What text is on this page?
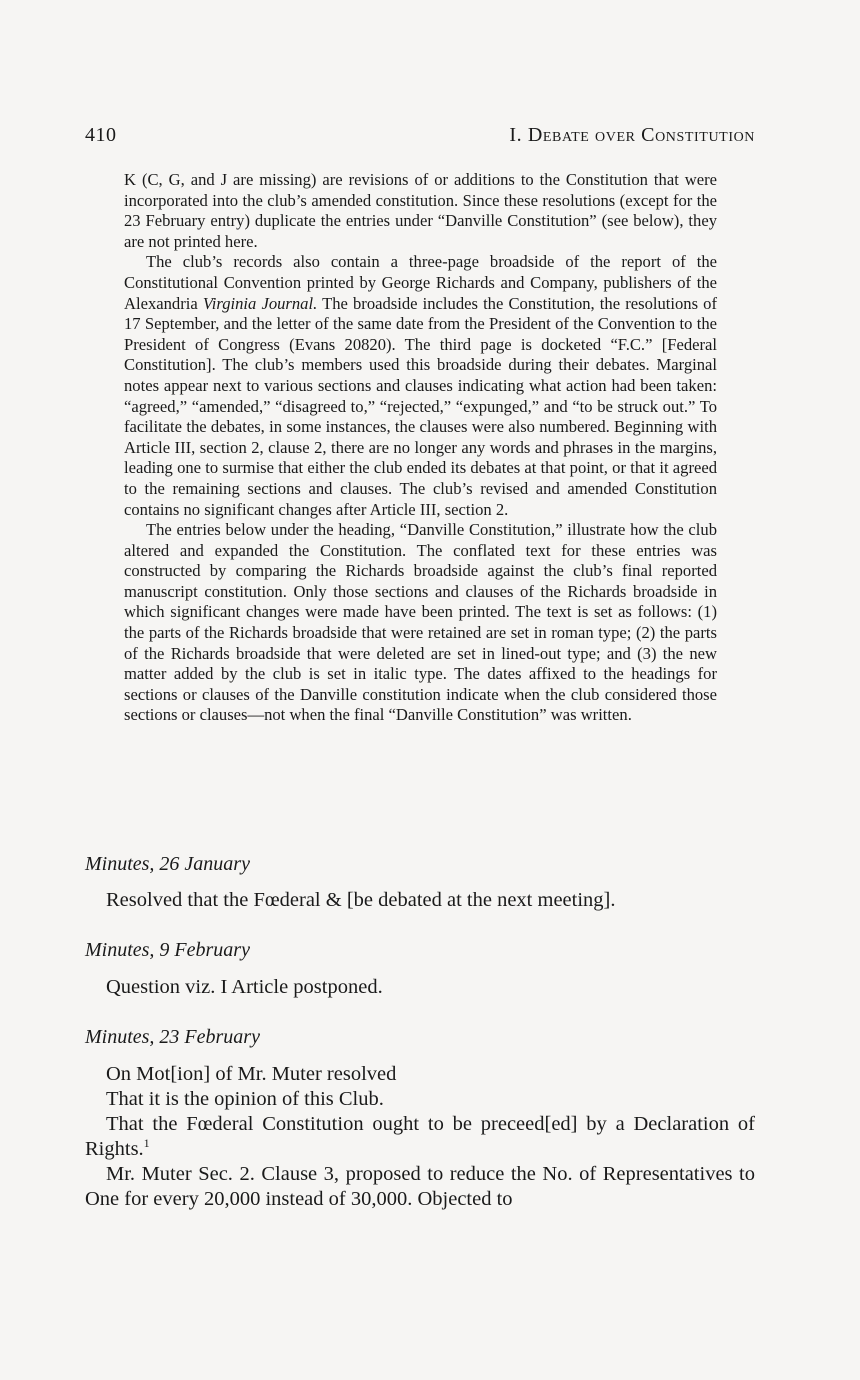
410	I. Debate over Constitution

K (C, G, and J are missing) are revisions of or additions to the Constitution that were incorporated into the club’s amended constitution. Since these resolutions (except for the 23 February entry) duplicate the entries under “Danville Constitution” (see below), they are not printed here.

The club’s records also contain a three-page broadside of the report of the Constitutional Convention printed by George Richards and Company, publishers of the Alexandria Virginia Journal. The broadside includes the Constitution, the resolutions of 17 September, and the letter of the same date from the President of the Convention to the President of Congress (Evans 20820). The third page is docketed “F.C.” [Federal Constitution]. The club’s members used this broadside during their debates. Marginal notes appear next to various sections and clauses indicating what action had been taken: “agreed,” “amended,” “disagreed to,” “rejected,” “expunged,” and “to be struck out.” To facilitate the debates, in some instances, the clauses were also numbered. Beginning with Article III, section 2, clause 2, there are no longer any words and phrases in the margins, leading one to surmise that either the club ended its debates at that point, or that it agreed to the remaining sections and clauses. The club’s revised and amended Constitution contains no significant changes after Article III, section 2.

The entries below under the heading, “Danville Constitution,” illustrate how the club altered and expanded the Constitution. The conflated text for these entries was constructed by comparing the Richards broadside against the club’s final reported manuscript constitution. Only those sections and clauses of the Richards broadside in which significant changes were made have been printed. The text is set as follows: (1) the parts of the Richards broadside that were retained are set in roman type; (2) the parts of the Richards broadside that were deleted are set in lined-out type; and (3) the new matter added by the club is set in italic type. The dates affixed to the headings for sections or clauses of the Danville constitution indicate when the club considered those sections or clauses—not when the final “Danville Constitution” was written.

Minutes, 26 January

Resolved that the Fœderal & [be debated at the next meeting].

Minutes, 9 February

Question viz. I Article postponed.

Minutes, 23 February

On Mot[ion] of Mr. Muter resolved

That it is the opinion of this Club.

That the Fœderal Constitution ought to be preceed[ed] by a Declaration of Rights.$^1$

Mr. Muter Sec. 2. Clause 3, proposed to reduce the No. of Representatives to One for every 20,000 instead of 30,000. Objected to
